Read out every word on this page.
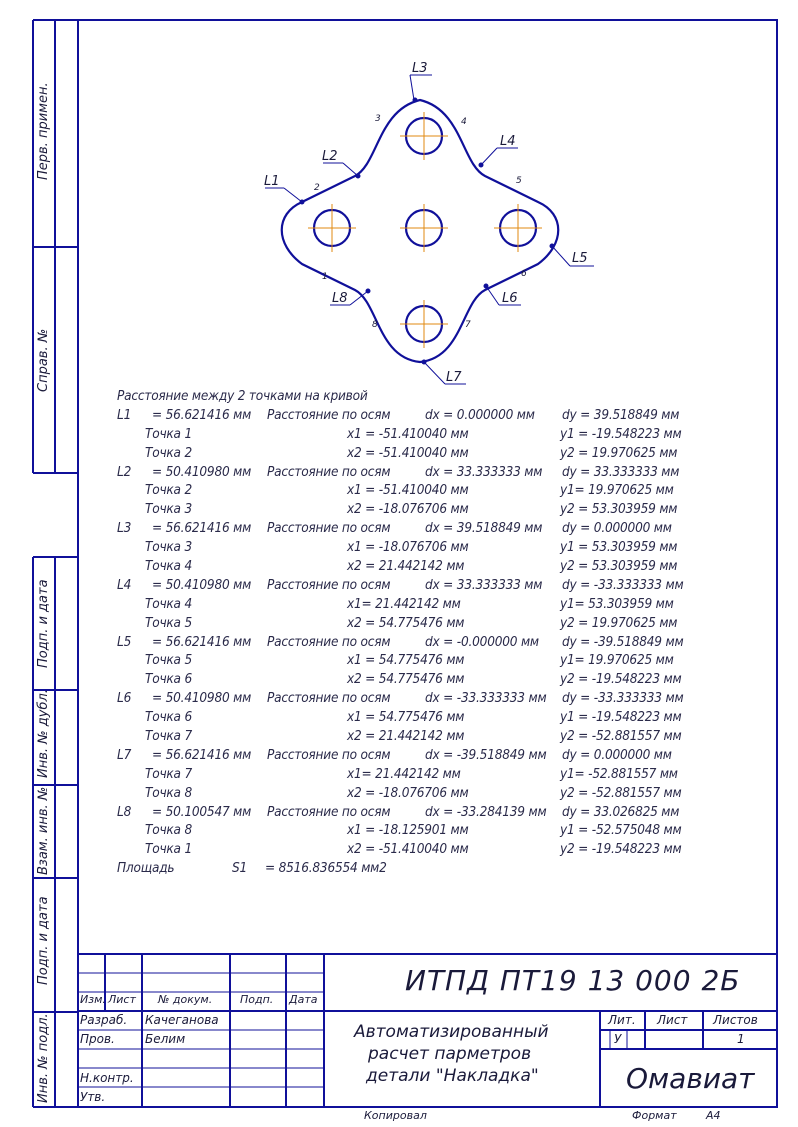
L3
L2
L1
L4
L5
L6
L7
L8
1
2
3	4
5
6
7
8
Перв. примен.
Справ. №
Подп. и дата
Инв. № дубл.
Взам. инв. №
Подп. и дата
Инв. № подл.
Расстояние между 2 точками на кривой
L1 = 56.621416 мм Расстояние по осям	dx = 0.000000 мм dy = 39.518849 мм
Точка 1	x1 = -51.410040 мм	y1 = -19.548223 мм
Точка 2	x2 = -51.410040 мм	y2 = 19.970625 мм
L2 = 50.410980 мм Расстояние по осям	dx = 33.333333 мм dy = 33.333333 мм
Точка 2	x1 = -51.410040 мм	y1= 19.970625 мм
Точка 3	x2 = -18.076706 мм	y2 = 53.303959 мм
L3 = 56.621416 мм Расстояние по осям	dx = 39.518849 мм dy = 0.000000 мм
Точка 3	x1 = -18.076706 мм	y1 = 53.303959 мм
Точка 4	x2 = 21.442142 мм	y2 = 53.303959 мм
L4 = 50.410980 мм Расстояние по осям	dx = 33.333333 мм dy = -33.333333 мм
Точка 4	x1= 21.442142 мм	y1= 53.303959 мм
Точка 5	x2 = 54.775476 мм	y2 = 19.970625 мм
L5 = 56.621416 мм Расстояние по осям	dx = -0.000000 мм dy = -39.518849 мм
Точка 5	x1 = 54.775476 мм	y1= 19.970625 мм
Точка 6	x2 = 54.775476 мм	y2 = -19.548223 мм
L6 = 50.410980 мм Расстояние по осям	dx = -33.333333 мм dy = -33.333333 мм
Точка 6	x1 = 54.775476 мм	y1 = -19.548223 мм
Точка 7	x2 = 21.442142 мм	y2 = -52.881557 мм
L7 = 56.621416 мм Расстояние по осям	dx = -39.518849 мм dy = 0.000000 мм
Точка 7	x1= 21.442142 мм	y1= -52.881557 мм
Точка 8	x2 = -18.076706 мм	y2 = -52.881557 мм
L8 = 50.100547 мм Расстояние по осям	dx = -33.284139 мм dy = 33.026825 мм
Точка 8	x1 = -18.125901 мм	y1 = -52.575048 мм
Точка 1	x2 = -51.410040 мм	y2 = -19.548223 мм
Площадь	S1 = 8516.836554 мм2
Изм. Лист № докум.	Подп. Дата
Разраб. Качеганова
Пров.	Белим
Н.контр.
Утв.
ИТПД ПТ19 13 000 2Б
Автоматизированный
расчет парметров
детали "Накладка"
Лит. Лист Листов
У	1
Омавиат
Копировал	Формат	А4
